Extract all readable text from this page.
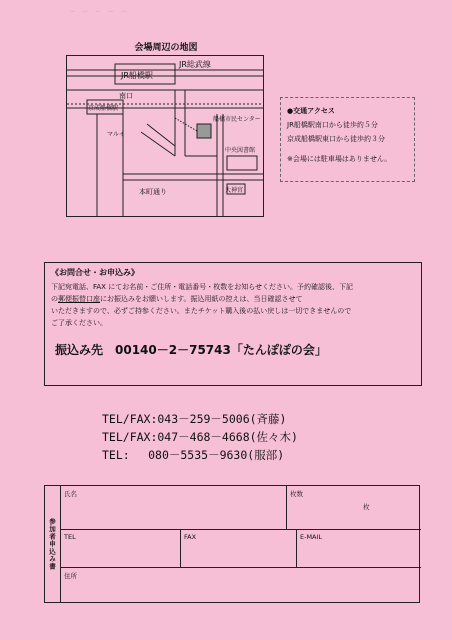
─　─　─　─　─
会場周辺の地図
JR総武線
JR船橋駅
南口
京成船橋駅
船橋市民センター
中央図書館
本町通り
マルイ
大神宮
●交通アクセス
JR船橋駅南口から徒歩約５分
京成船橋駅東口から徒歩約３分
※会場には駐車場はありません。
《お問合せ・お申込み》

下記宛電話、FAX にてお名前・ご住所・電話番号・枚数をお知らせください。予約確認後、下記
の郵便振替口座にお振込みをお願いします。振込用紙の控えは、当日確認させて
いただきますので、必ずご持参ください。またチケット購入後の払い戻しは一切できませんので
ご了承ください。

振込み先　00140－2－75743「たんぽぽの会」
TEL/FAX:043－259－5006(斉藤)
TEL/FAX:047－468－4668(佐々木)
TEL:　 080－5535－9630(服部)
参加者申込み書
氏名	枚数
枚
TEL	FAX	E-MAIL
住所
